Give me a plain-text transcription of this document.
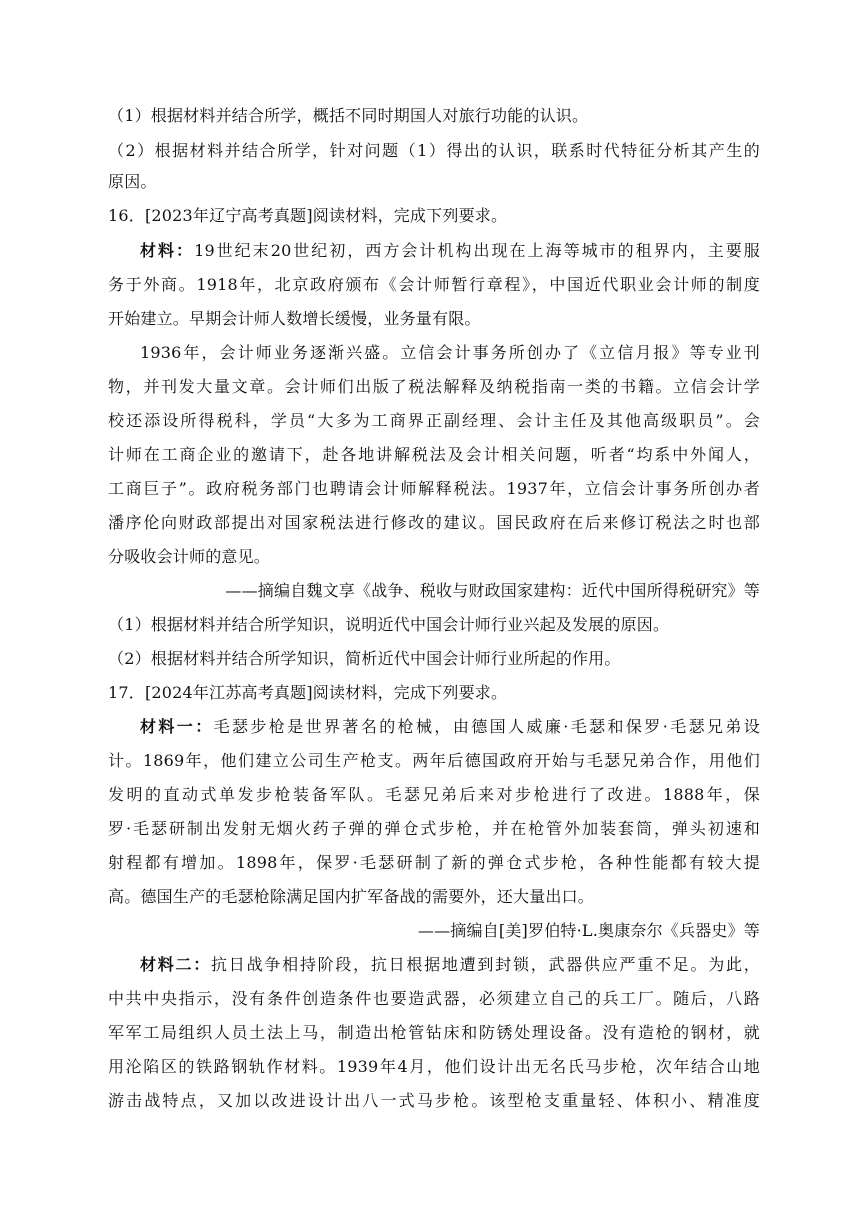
（1）根据材料并结合所学，概括不同时期国人对旅行功能的认识。
（2）根据材料并结合所学，针对问题（1）得出的认识，联系时代特征分析其产生的
原因。
16．[2023年辽宁高考真题]阅读材料，完成下列要求。
材料：19世纪末20世纪初，西方会计机构出现在上海等城市的租界内，主要服
务于外商。1918年，北京政府颁布《会计师暂行章程》，中国近代职业会计师的制度
开始建立。早期会计师人数增长缓慢，业务量有限。
1936年，会计师业务逐渐兴盛。立信会计事务所创办了《立信月报》等专业刊
物，并刊发大量文章。会计师们出版了税法解释及纳税指南一类的书籍。立信会计学
校还添设所得税科，学员“大多为工商界正副经理、会计主任及其他高级职员”。会
计师在工商企业的邀请下，赴各地讲解税法及会计相关问题，听者“均系中外闻人，
工商巨子”。政府税务部门也聘请会计师解释税法。1937年，立信会计事务所创办者
潘序伦向财政部提出对国家税法进行修改的建议。国民政府在后来修订税法之时也部
分吸收会计师的意见。
——摘编自魏文享《战争、税收与财政国家建构：近代中国所得税研究》等
（1）根据材料并结合所学知识，说明近代中国会计师行业兴起及发展的原因。
（2）根据材料并结合所学知识，简析近代中国会计师行业所起的作用。
17．[2024年江苏高考真题]阅读材料，完成下列要求。
材料一：毛瑟步枪是世界著名的枪械，由德国人威廉·毛瑟和保罗·毛瑟兄弟设
计。1869年，他们建立公司生产枪支。两年后德国政府开始与毛瑟兄弟合作，用他们
发明的直动式单发步枪装备军队。毛瑟兄弟后来对步枪进行了改进。1888年，保
罗·毛瑟研制出发射无烟火药子弹的弹仓式步枪，并在枪管外加装套筒，弹头初速和
射程都有增加。1898年，保罗·毛瑟研制了新的弹仓式步枪，各种性能都有较大提
高。德国生产的毛瑟枪除满足国内扩军备战的需要外，还大量出口。
——摘编自[美]罗伯特·L.奥康奈尔《兵器史》等
材料二：抗日战争相持阶段，抗日根据地遭到封锁，武器供应严重不足。为此，
中共中央指示，没有条件创造条件也要造武器，必须建立自己的兵工厂。随后，八路
军军工局组织人员土法上马，制造出枪管钻床和防锈处理设备。没有造枪的钢材，就
用沦陷区的铁路钢轨作材料。1939年4月，他们设计出无名氏马步枪，次年结合山地
游击战特点，又加以改进设计出八一式马步枪。该型枪支重量轻、体积小、精准度
